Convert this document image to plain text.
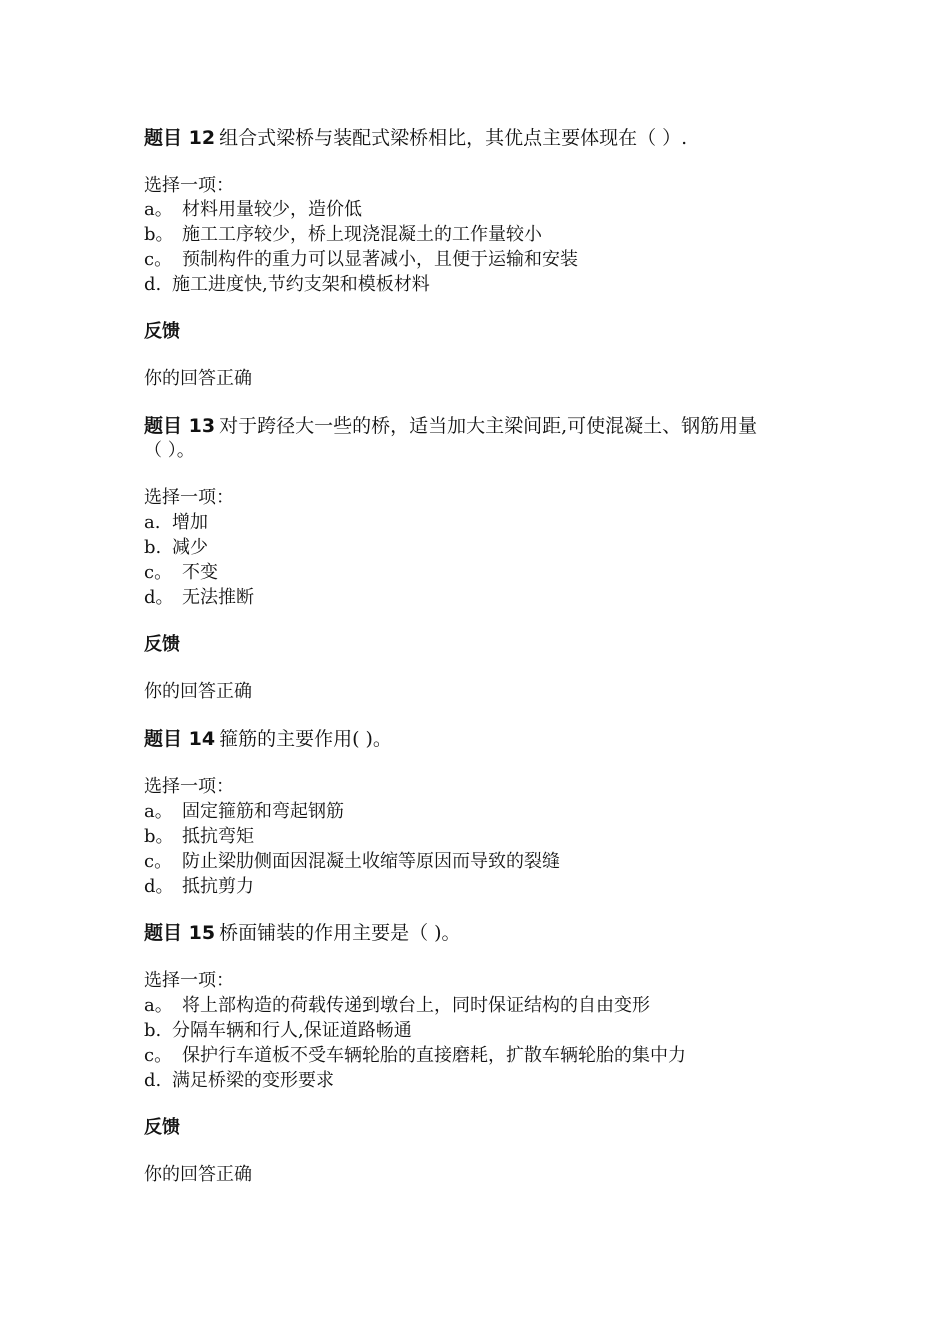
题目 12 组合式梁桥与装配式梁桥相比，其优点主要体现在（ ）.
选择一项：
a。 材料用量较少，造价低
b。 施工工序较少，桥上现浇混凝土的工作量较小
c。 预制构件的重力可以显著减小，且便于运输和安装
d. 施工进度快,节约支架和模板材料
反馈
你的回答正确
题目 13 对于跨径大一些的桥，适当加大主梁间距,可使混凝土、钢筋用量
（ ）。
选择一项：
a. 增加
b. 减少
c。 不变
d。 无法推断
反馈
你的回答正确
题目 14 箍筋的主要作用( )。
选择一项：
a。 固定箍筋和弯起钢筋
b。 抵抗弯矩
c。 防止梁肋侧面因混凝土收缩等原因而导致的裂缝
d。 抵抗剪力
题目 15 桥面铺装的作用主要是（ )。
选择一项：
a。 将上部构造的荷载传递到墩台上，同时保证结构的自由变形
b. 分隔车辆和行人,保证道路畅通
c。 保护行车道板不受车辆轮胎的直接磨耗，扩散车辆轮胎的集中力
d. 满足桥梁的变形要求
反馈
你的回答正确
